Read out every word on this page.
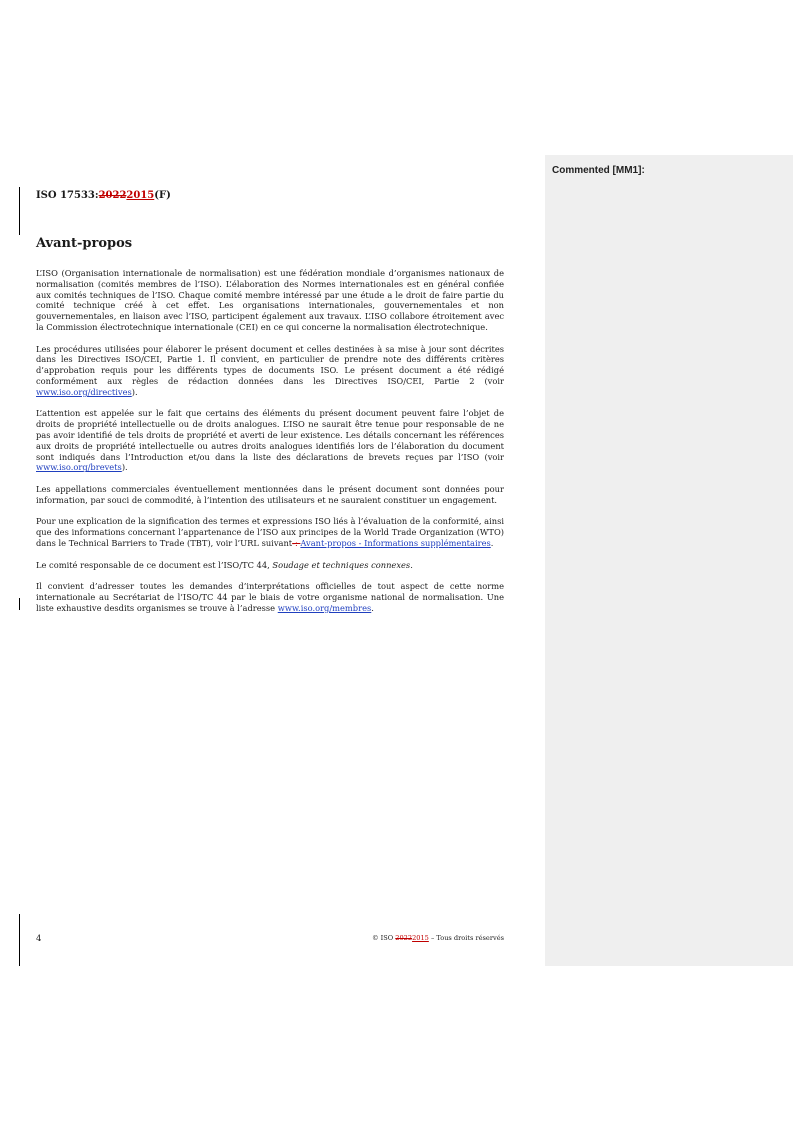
Commented [MM1]:
ISO 17533:20222015(F)
Avant-propos

L’ISO (Organisation internationale de normalisation) est une fédération mondiale d’organismes nationaux de normalisation (comités membres de l’ISO). L’élaboration des Normes internationales est en général confiée aux comités techniques de l’ISO. Chaque comité membre intéressé par une étude a le droit de faire partie du comité technique créé à cet effet. Les organisations internationales, gouvernementales et non gouvernementales, en liaison avec l’ISO, participent également aux travaux. L’ISO collabore étroitement avec la Commission électrotechnique internationale (CEI) en ce qui concerne la normalisation électrotechnique.

Les procédures utilisées pour élaborer le présent document et celles destinées à sa mise à jour sont décrites dans les Directives ISO/CEI, Partie 1. Il convient, en particulier de prendre note des différents critères d’approbation requis pour les différents types de documents ISO. Le présent document a été rédigé conformément aux règles de rédaction données dans les Directives ISO/CEI, Partie 2 (voir www.iso.org/directives).

L’attention est appelée sur le fait que certains des éléments du présent document peuvent faire l’objet de droits de propriété intellectuelle ou de droits analogues. L’ISO ne saurait être tenue pour responsable de ne pas avoir identifié de tels droits de propriété et averti de leur existence. Les détails concernant les références aux droits de propriété intellectuelle ou autres droits analogues identifiés lors de l’élaboration du document sont indiqués dans l’Introduction et/ou dans la liste des déclarations de brevets reçues par l’ISO (voir www.iso.org/brevets).

Les appellations commerciales éventuellement mentionnées dans le présent document sont données pour information, par souci de commodité, à l’intention des utilisateurs et ne sauraient constituer un engagement.

Pour une explication de la signification des termes et expressions ISO liés à l’évaluation de la conformité, ainsi que des informations concernant l’appartenance de l’ISO aux principes de la World Trade Organization (WTO) dans le Technical Barriers to Trade (TBT), voir l’URL suivant-: Avant-propos - Informations supplémentaires.

Le comité responsable de ce document est l’ISO/TC 44, Soudage et techniques connexes.

Il convient d’adresser toutes les demandes d’interprétations officielles de tout aspect de cette norme internationale au Secrétariat de l’ISO/TC 44 par le biais de votre organisme national de normalisation. Une liste exhaustive desdits organismes se trouve à l’adresse www.iso.org/membres.

4	© ISO 20222015 – Tous droits réservés
